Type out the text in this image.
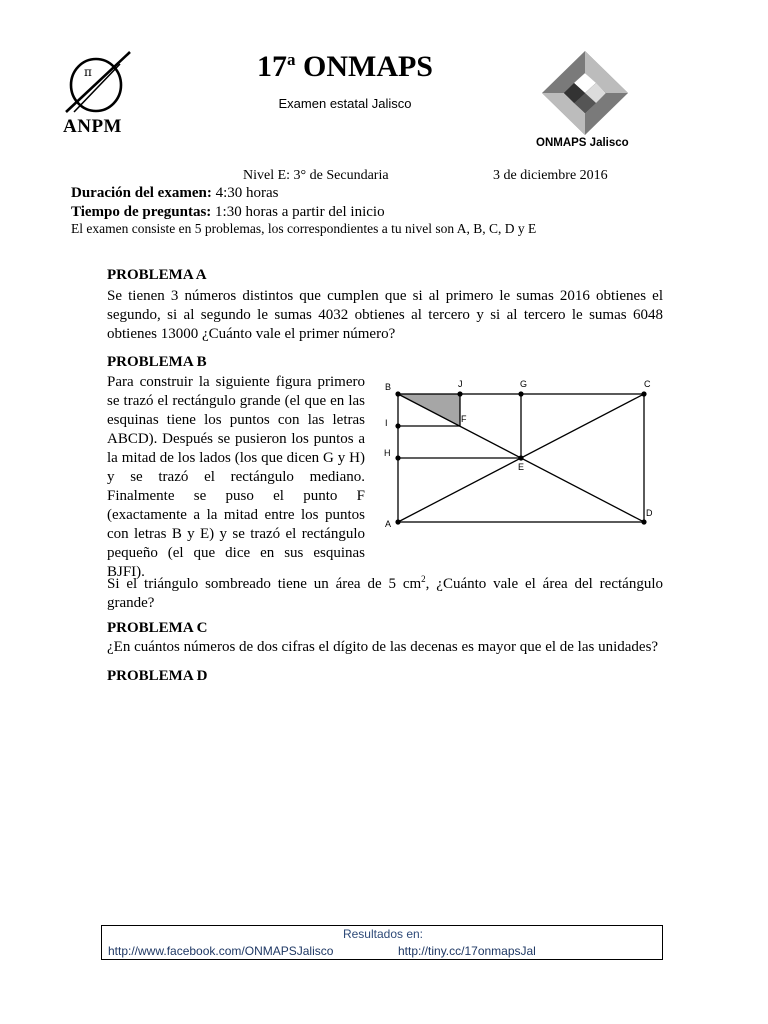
π
ANPM
17$^a$ ONMAPS
Examen estatal Jalisco
ONMAPS Jalisco
Nivel E: 3° de Secundaria	3 de diciembre 2016
Duración del examen: 4:30 horas
Tiempo de preguntas: 1:30 horas a partir del inicio
El examen consiste en 5 problemas, los correspondientes a tu nivel son A, B, C, D y E
PROBLEMA A
Se tienen 3 números distintos que cumplen que si al primero le sumas 2016 obtienes el segundo, si al segundo le sumas 4032 obtienes al tercero y si al tercero le sumas 6048 obtienes 13000 ¿Cuánto vale el primer número?
PROBLEMA B
Para construir la siguiente figura primero se trazó el rectángulo grande (el que en las esquinas tiene los puntos con las letras ABCD). Después se pusieron los puntos a la mitad de los lados (los que dicen G y H) y se trazó el rectángulo mediano. Finalmente se puso el punto F (exactamente a la mitad entre los puntos con letras B y E) y se trazó el rectángulo pequeño (el que dice en sus esquinas BJFI).
B	J	G	C
I	F
H
E
A
D
Si el triángulo sombreado tiene un área de 5 $cm^2$, ¿Cuánto vale el área del rectángulo grande?
PROBLEMA C
¿En cuántos números de dos cifras el dígito de las decenas es mayor que el de las unidades?
PROBLEMA D
Resultados en:
http://www.facebook.com/ONMAPSJalisco	http://tiny.cc/17onmapsJal
